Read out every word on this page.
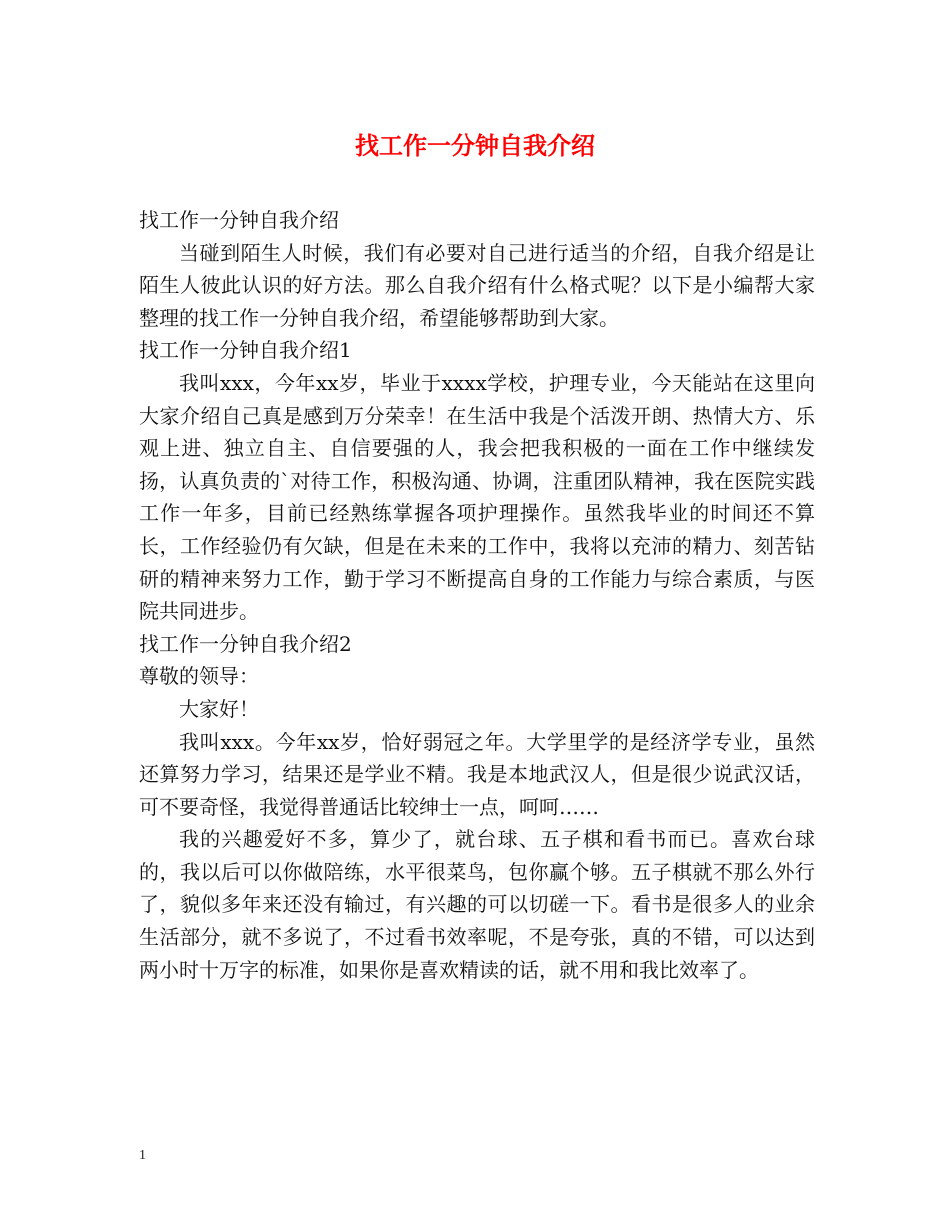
找工作一分钟自我介绍

找工作一分钟自我介绍

当碰到陌生人时候，我们有必要对自己进行适当的介绍，自我介绍是让陌生人彼此认识的好方法。那么自我介绍有什么格式呢？以下是小编帮大家整理的找工作一分钟自我介绍，希望能够帮助到大家。

找工作一分钟自我介绍1

我叫xxx，今年xx岁，毕业于xxxx学校，护理专业，今天能站在这里向大家介绍自己真是感到万分荣幸！在生活中我是个活泼开朗、热情大方、乐观上进、独立自主、自信要强的人，我会把我积极的一面在工作中继续发扬，认真负责的`对待工作，积极沟通、协调，注重团队精神，我在医院实践工作一年多，目前已经熟练掌握各项护理操作。虽然我毕业的时间还不算长，工作经验仍有欠缺，但是在未来的工作中，我将以充沛的精力、刻苦钻研的精神来努力工作，勤于学习不断提高自身的工作能力与综合素质，与医院共同进步。

找工作一分钟自我介绍2

尊敬的领导：

大家好！

我叫xxx。今年xx岁，恰好弱冠之年。大学里学的是经济学专业，虽然还算努力学习，结果还是学业不精。我是本地武汉人，但是很少说武汉话，可不要奇怪，我觉得普通话比较绅士一点，呵呵……

我的兴趣爱好不多，算少了，就台球、五子棋和看书而已。喜欢台球的，我以后可以你做陪练，水平很菜鸟，包你赢个够。五子棋就不那么外行了，貌似多年来还没有输过，有兴趣的可以切磋一下。看书是很多人的业余生活部分，就不多说了，不过看书效率呢，不是夸张，真的不错，可以达到两小时十万字的标准，如果你是喜欢精读的话，就不用和我比效率了。

1
